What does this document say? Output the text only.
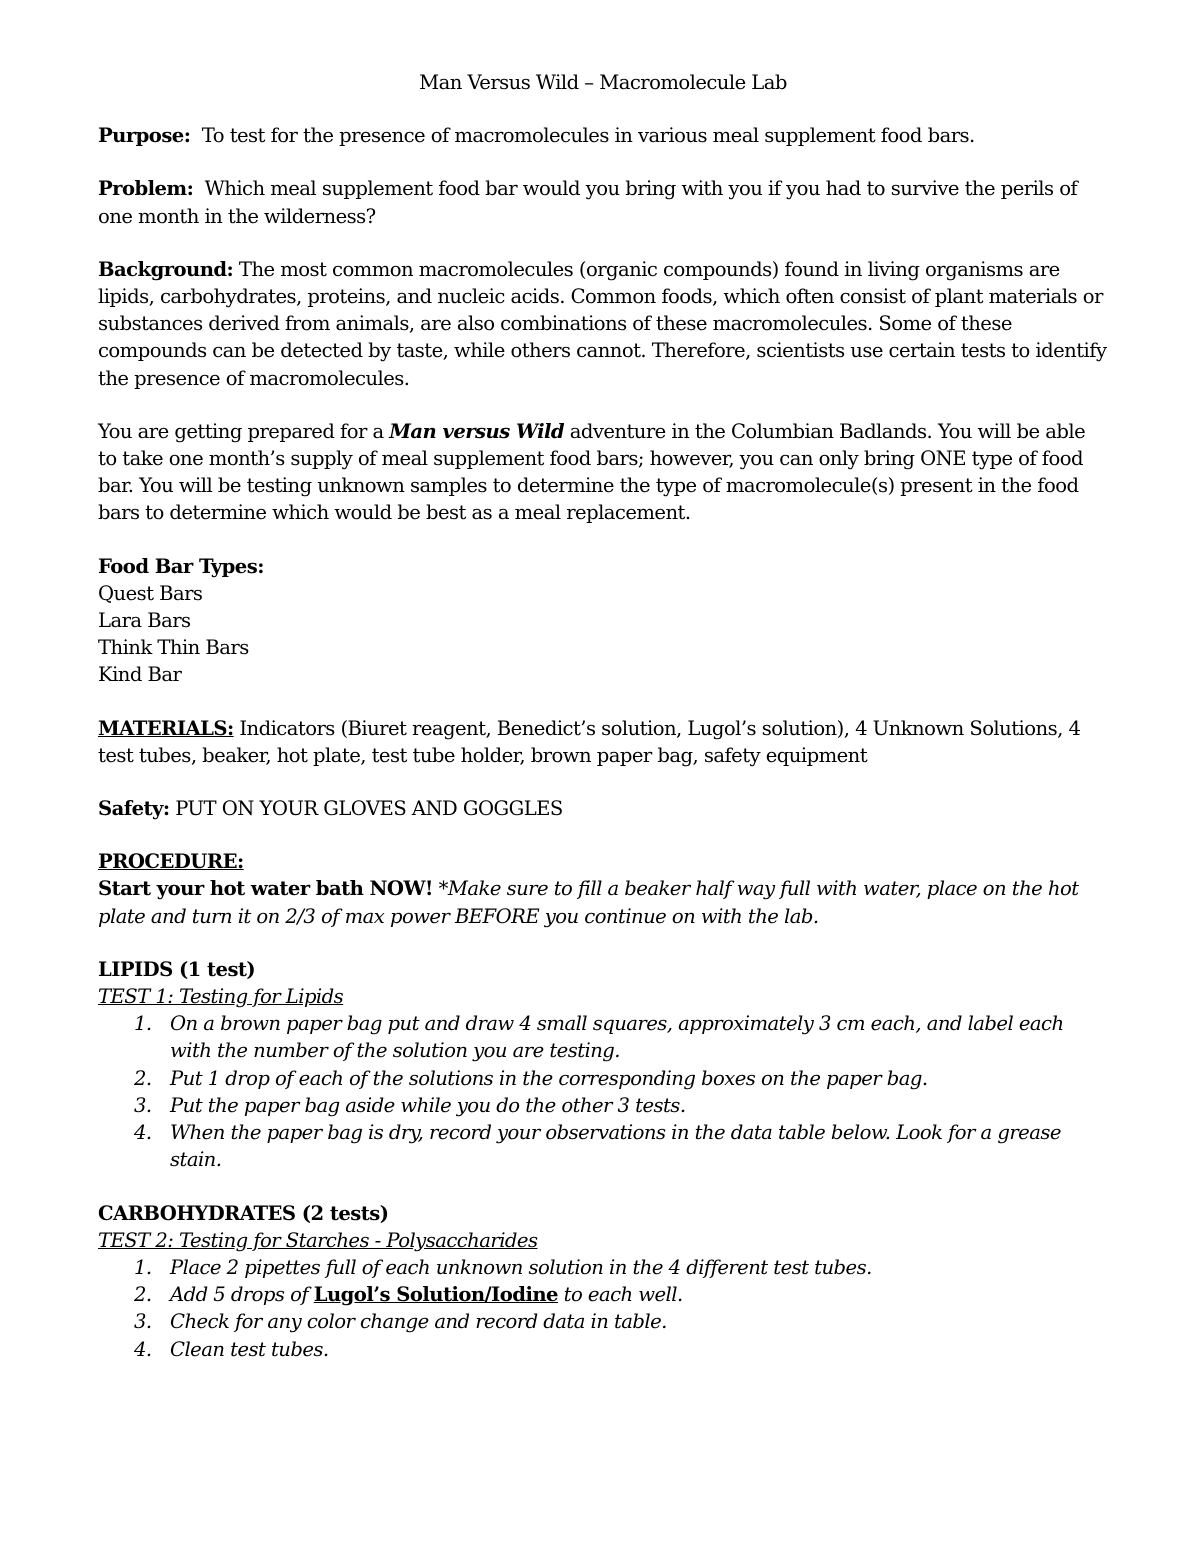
Man Versus Wild – Macromolecule Lab

Purpose: To test for the presence of macromolecules in various meal supplement food bars.

Problem: Which meal supplement food bar would you bring with you if you had to survive the perils of one month in the wilderness?

Background: The most common macromolecules (organic compounds) found in living organisms are lipids, carbohydrates, proteins, and nucleic acids. Common foods, which often consist of plant materials or substances derived from animals, are also combinations of these macromolecules. Some of these compounds can be detected by taste, while others cannot. Therefore, scientists use certain tests to identify the presence of macromolecules.

You are getting prepared for a Man versus Wild adventure in the Columbian Badlands. You will be able to take one month’s supply of meal supplement food bars; however, you can only bring ONE type of food bar. You will be testing unknown samples to determine the type of macromolecule(s) present in the food bars to determine which would be best as a meal replacement.

Food Bar Types:

Quest Bars

Lara Bars

Think Thin Bars

Kind Bar

MATERIALS: Indicators (Biuret reagent, Benedict’s solution, Lugol’s solution), 4 Unknown Solutions, 4 test tubes, beaker, hot plate, test tube holder, brown paper bag, safety equipment

Safety: PUT ON YOUR GLOVES AND GOGGLES

PROCEDURE:

Start your hot water bath NOW! *Make sure to fill a beaker half way full with water, place on the hot plate and turn it on 2/3 of max power BEFORE you continue on with the lab.

LIPIDS (1 test)

TEST 1: Testing for Lipids

1. On a brown paper bag put and draw 4 small squares, approximately 3 cm each, and label each with the number of the solution you are testing.
2. Put 1 drop of each of the solutions in the corresponding boxes on the paper bag.
3. Put the paper bag aside while you do the other 3 tests.
4. When the paper bag is dry, record your observations in the data table below. Look for a grease stain.

CARBOHYDRATES (2 tests)

TEST 2: Testing for Starches - Polysaccharides

1. Place 2 pipettes full of each unknown solution in the 4 different test tubes.
2. Add 5 drops of Lugol’s Solution/Iodine to each well.
3. Check for any color change and record data in table.
4. Clean test tubes.
